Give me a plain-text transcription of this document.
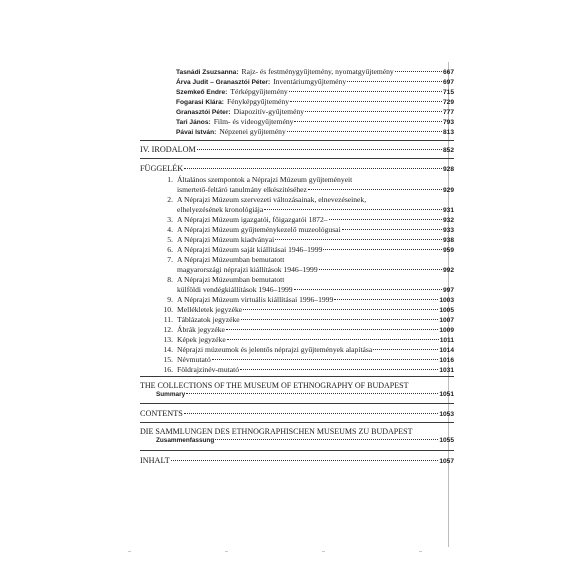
Tasnádi Zsuzsanna: Rajz- és festménygyűjtemény, nyomatgyűjtemény	667
Árva Judit – Granasztói Péter: Inventáriumgyűjtemény	697
Szemkeő Endre: Térképgyűjtemény	715
Fogarasi Klára: Fényképgyűjtemény	729
Granasztói Péter: Diapozitív-gyűjtemény	777
Tari János: Film- és videogyűjtemény	793
Pávai István: Népzenei gyűjtemény	813
IV. IRODALOM	852
FÜGGELÉK	928
1. Általános szempontok a Néprajzi Múzeum gyűjteményeit
ismertető-feltáró tanulmány elkészítéséhez	929
2. A Néprajzi Múzeum szervezeti változásainak, elnevezéseinek,
elhelyezésének kronológiája	931
3. A Néprajzi Múzeum igazgatói, főigazgatói 1872–	932
4. A Néprajzi Múzeum gyűjteménykezelő muzeológusai	933
5. A Néprajzi Múzeum kiadványai	938
6. A Néprajzi Múzeum saját kiállításai 1946–1999	959
7. A Néprajzi Múzeumban bemutatott
magyarországi néprajzi kiállítások 1946–1999	992
8. A Néprajzi Múzeumban bemutatott
külföldi vendégkiállítások 1946–1999	997
9. A Néprajzi Múzeum virtuális kiállításai 1996–1999	1003
10. Mellékletek jegyzéke	1005
11. Táblázatok jegyzéke	1007
12. Ábrák jegyzéke	1009
13. Képek jegyzéke	1011
14. Néprajzi múzeumok és jelentős néprajzi gyűjtemények alapítása	1014
15. Névmutató	1016
16. Földrajzinév-mutató	1031
THE COLLECTIONS OF THE MUSEUM OF ETHNOGRAPHY OF BUDAPEST
Summary	1051
CONTENTS	1053
DIE SAMMLUNGEN DES ETHNOGRAPHISCHEN MUSEUMS ZU BUDAPEST
Zusammenfassung	1055
INHALT	1057
